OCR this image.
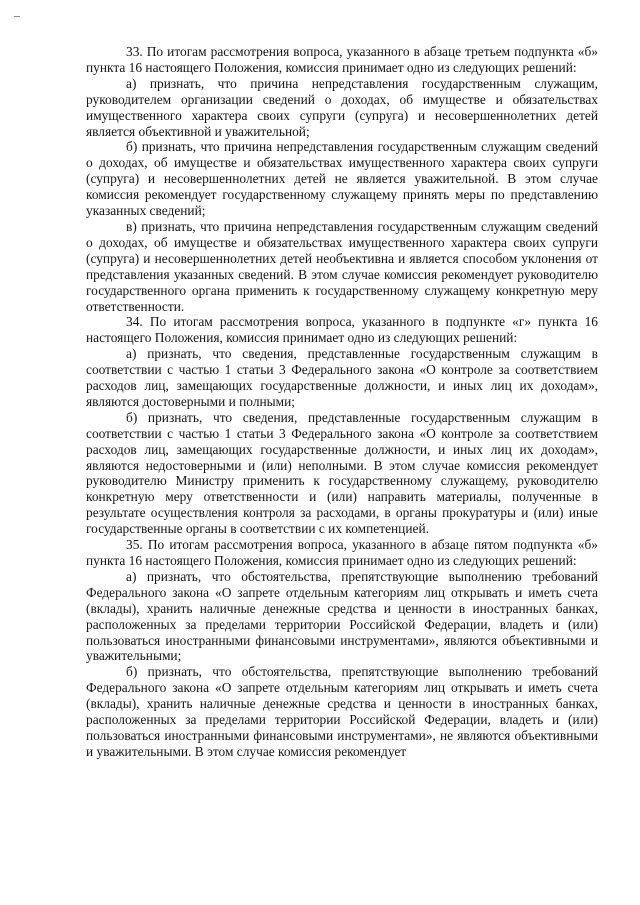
33. По итогам рассмотрения вопроса, указанного в абзаце третьем подпункта «б» пункта 16 настоящего Положения, комиссия принимает одно из следующих решений:

а) признать, что причина непредставления государственным служащим, руководителем организации сведений о доходах, об имуществе и обязательствах имущественного характера своих супруги (супруга) и несовершеннолетних детей является объективной и уважительной;

б) признать, что причина непредставления государственным служащим сведений о доходах, об имуществе и обязательствах имущественного характера своих супруги (супруга) и несовершеннолетних детей не является уважительной. В этом случае комиссия рекомендует государственному служащему принять меры по представлению указанных сведений;

в) признать, что причина непредставления государственным служащим сведений о доходах, об имуществе и обязательствах имущественного характера своих супруги (супруга) и несовершеннолетних детей необъективна и является способом уклонения от представления указанных сведений. В этом случае комиссия рекомендует руководителю государственного органа применить к государственному служащему конкретную меру ответственности.

34. По итогам рассмотрения вопроса, указанного в подпункте «г» пункта 16 настоящего Положения, комиссия принимает одно из следующих решений:

а) признать, что сведения, представленные государственным служащим в соответствии с частью 1 статьи 3 Федерального закона «О контроле за соответствием расходов лиц, замещающих государственные должности, и иных лиц их доходам», являются достоверными и полными;

б) признать, что сведения, представленные государственным служащим в соответствии с частью 1 статьи 3 Федерального закона «О контроле за соответствием расходов лиц, замещающих государственные должности, и иных лиц их доходам», являются недостоверными и (или) неполными. В этом случае комиссия рекомендует руководителю Министру применить к государственному служащему, руководителю конкретную меру ответственности и (или) направить материалы, полученные в результате осуществления контроля за расходами, в органы прокуратуры и (или) иные государственные органы в соответствии с их компетенцией.

35. По итогам рассмотрения вопроса, указанного в абзаце пятом подпункта «б» пункта 16 настоящего Положения, комиссия принимает одно из следующих решений:

а) признать, что обстоятельства, препятствующие выполнению требований Федерального закона «О запрете отдельным категориям лиц открывать и иметь счета (вклады), хранить наличные денежные средства и ценности в иностранных банках, расположенных за пределами территории Российской Федерации, владеть и (или) пользоваться иностранными финансовыми инструментами», являются объективными и уважительными;

б) признать, что обстоятельства, препятствующие выполнению требований Федерального закона «О запрете отдельным категориям лиц открывать и иметь счета (вклады), хранить наличные денежные средства и ценности в иностранных банках, расположенных за пределами территории Российской Федерации, владеть и (или) пользоваться иностранными финансовыми инструментами», не являются объективными и уважительными. В этом случае комиссия рекомендует
